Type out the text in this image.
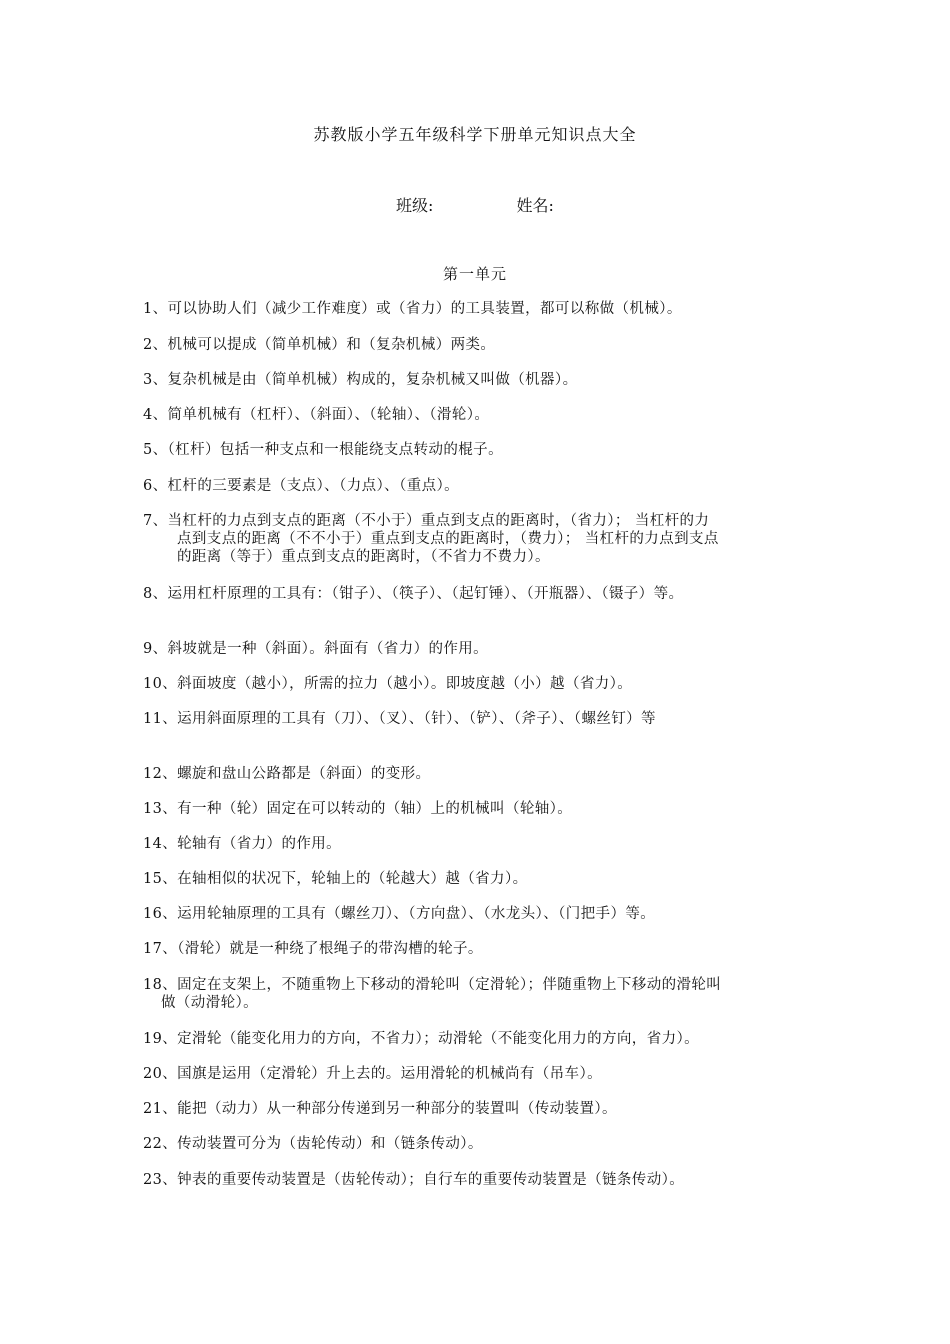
苏教版小学五年级科学下册单元知识点大全
班级:	姓名:
第一单元
1、可以协助人们（减少工作难度）或（省力）的工具装置，都可以称做（机械）。
2、机械可以提成（简单机械）和（复杂机械）两类。
3、复杂机械是由（简单机械）构成的，复杂机械又叫做（机器）。
4、简单机械有（杠杆）、（斜面）、（轮轴）、（滑轮）。
5、（杠杆）包括一种支点和一根能绕支点转动的棍子。
6、杠杆的三要素是（支点）、（力点）、（重点）。
7、当杠杆的力点到支点的距离（不小于）重点到支点的距离时，（省力）； 当杠杆的力
点到支点的距离（不不小于）重点到支点的距离时，（费力）； 当杠杆的力点到支点
的距离（等于）重点到支点的距离时，（不省力不费力）。
8、运用杠杆原理的工具有：（钳子）、（筷子）、（起钉锤）、（开瓶器）、（镊子）等。
9、斜坡就是一种（斜面）。斜面有（省力）的作用。
10、斜面坡度（越小），所需的拉力（越小）。即坡度越（小）越（省力）。
11、运用斜面原理的工具有（刀）、（叉）、（针）、（铲）、（斧子）、（螺丝钉）等
12、螺旋和盘山公路都是（斜面）的变形。
13、有一种（轮）固定在可以转动的（轴）上的机械叫（轮轴）。
14、轮轴有（省力）的作用。
15、在轴相似的状况下，轮轴上的（轮越大）越（省力）。
16、运用轮轴原理的工具有（螺丝刀）、（方向盘）、（水龙头）、（门把手）等。
17、（滑轮）就是一种绕了根绳子的带沟槽的轮子。
18、固定在支架上，不随重物上下移动的滑轮叫（定滑轮）；伴随重物上下移动的滑轮叫
做（动滑轮）。
19、定滑轮（能变化用力的方向，不省力）；动滑轮（不能变化用力的方向，省力）。
20、国旗是运用（定滑轮）升上去的。运用滑轮的机械尚有（吊车）。
21、能把（动力）从一种部分传递到另一种部分的装置叫（传动装置）。
22、传动装置可分为（齿轮传动）和（链条传动）。
23、钟表的重要传动装置是（齿轮传动）；自行车的重要传动装置是（链条传动）。
